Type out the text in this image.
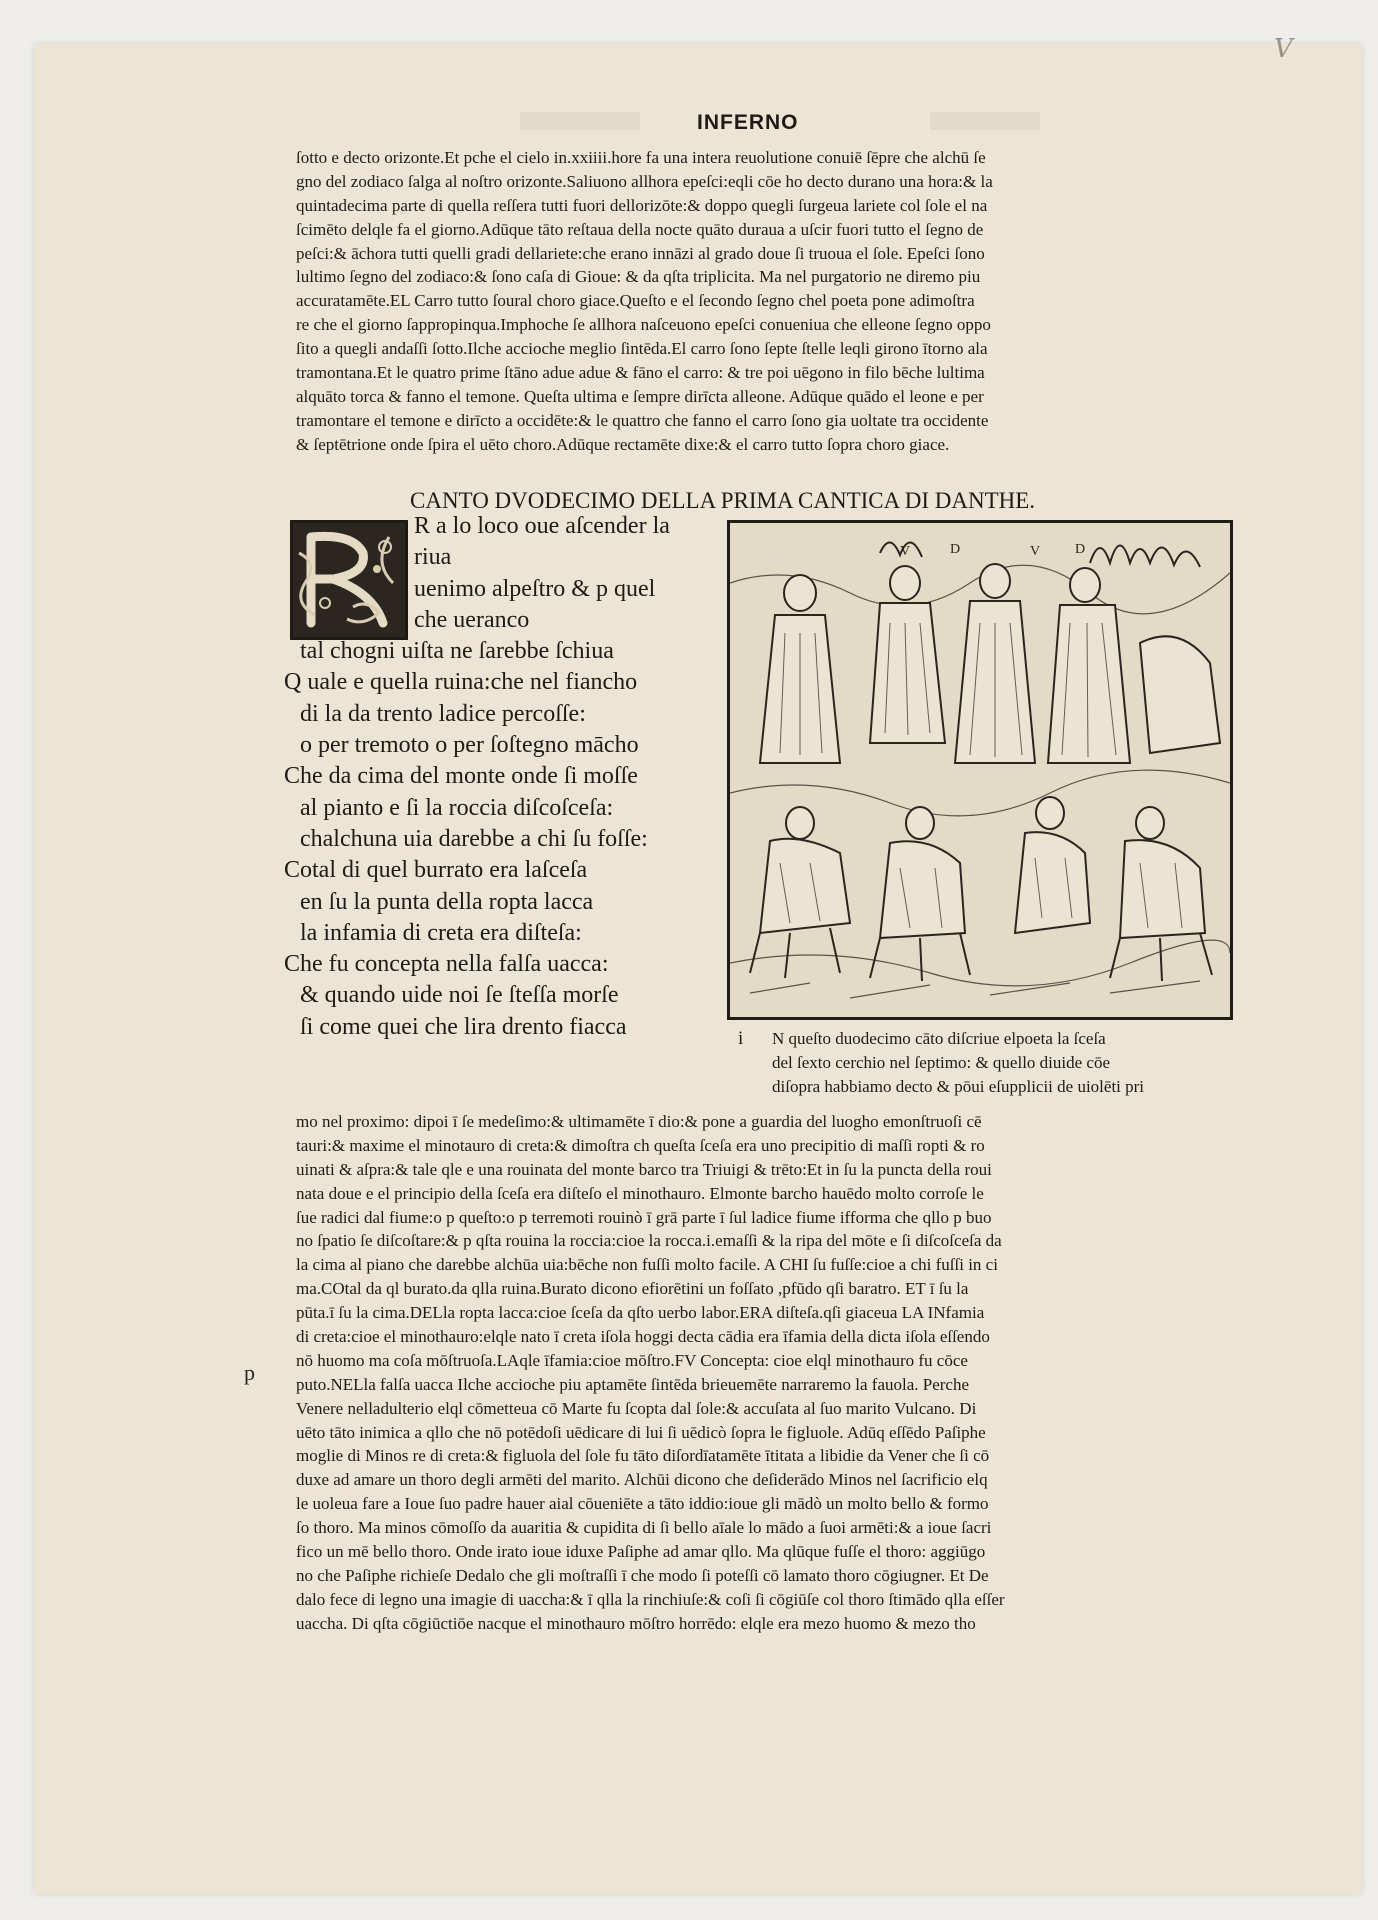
V
INFERNO
ſotto e decto orizonte.Et pche el cielo in.xxiiii.hore fa una intera reuolutione conuiē ſēpre che alchū ſe
gno del zodiaco ſalga al noſtro orizonte.Saliuono allhora epeſci:eqli cōe ho decto durano una hora:& la
quintadecima parte di quella reſſera tutti fuori dellorizōte:& doppo quegli ſurgeua lariete col ſole el na
ſcimēto delqle fa el giorno.Adūque tāto reſtaua della nocte quāto duraua a uſcir fuori tutto el ſegno de
peſci:& āchora tutti quelli gradi dellariete:che erano innāzi al grado doue ſi truoua el ſole. Epeſci ſono
lultimo ſegno del zodiaco:& ſono caſa di Gioue: & da qſta triplicita. Ma nel purgatorio ne diremo piu
accuratamēte.EL Carro tutto ſoural choro giace.Queſto e el ſecondo ſegno chel poeta pone adimoſtra
re che el giorno ſappropinqua.Imphoche ſe allhora naſceuono epeſci conueniua che elleone ſegno oppo
ſito a quegli andaſſi ſotto.Ilche accioche meglio ſintēda.El carro ſono ſepte ſtelle leqli girono ītorno ala
tramontana.Et le quatro prime ſtāno adue adue & fāno el carro: & tre poi uēgono in filo bēche lultima
alquāto torca & fanno el temone. Queſta ultima e ſempre dirīcta alleone. Adūque quādo el leone e per
tramontare el temone e dirīcto a occidēte:& le quattro che fanno el carro ſono gia uoltate tra occidente
& ſeptētrione onde ſpira el uēto choro.Adūque rectamēte dixe:& el carro tutto ſopra choro giace.
CANTO DVODECIMO DELLA PRIMA CANTICA DI DANTHE.
R a lo loco oue aſcender la
riua
uenimo alpeſtro & p quel
che ueranco
tal chogni uiſta ne ſarebbe ſchiua
Q uale e quella ruina:che nel fiancho
di la da trento ladice percoſſe:
o per tremoto o per ſoſtegno mācho
Che da cima del monte onde ſi moſſe
al pianto e ſi la roccia diſcoſceſa:
chalchuna uia darebbe a chi ſu foſſe:
Cotal di quel burrato era laſceſa
en ſu la punta della ropta lacca
la infamia di creta era diſteſa:
Che fu concepta nella falſa uacca:
& quando uide noi ſe ſteſſa morſe
ſi come quei che lira drento fiacca
V	D	V D
i N queſto duodecimo cāto diſcriue elpoeta la ſceſa
del ſexto cerchio nel ſeptimo: & quello diuide cōe
diſopra habbiamo decto & pōui eſupplicii de uiolēti pri
mo nel proximo: dipoi ī ſe medeſimo:& ultimamēte ī dio:& pone a guardia del luogho emonſtruoſi cē
tauri:& maxime el minotauro di creta:& dimoſtra ch queſta ſceſa era uno precipitio di maſſi ropti & ro
uinati & aſpra:& tale qle e una rouinata del monte barco tra Triuigi & trēto:Et in ſu la puncta della roui
nata doue e el principio della ſceſa era diſteſo el minothauro. Elmonte barcho hauēdo molto corroſe le
ſue radici dal fiume:o p queſto:o p terremoti rouinò ī grā parte ī ſul ladice fiume ifforma che qllo p buo
no ſpatio ſe diſcoſtare:& p qſta rouina la roccia:cioe la rocca.i.emaſſi & la ripa del mōte e ſi diſcoſceſa da
la cima al piano che darebbe alchūa uia:bēche non fuſſi molto facile. A CHI ſu fuſſe:cioe a chi fuſſi in ci
ma.COtal da ql burato.da qlla ruina.Burato dicono efiorētini un foſſato ,pfūdo qſi baratro. ET ī ſu la
pūta.ī ſu la cima.DELla ropta lacca:cioe ſceſa da qſto uerbo labor.ERA diſteſa.qſi giaceua LA INfamia
di creta:cioe el minothauro:elqle nato ī creta iſola hoggi decta cādia era īfamia della dicta iſola eſſendo
nō huomo ma coſa mōſtruoſa.LAqle īfamia:cioe mōſtro.FV Concepta: cioe elql minothauro fu cōce
puto.NELla falſa uacca Ilche accioche piu aptamēte ſintēda brieuemēte narraremo la fauola. Perche
Venere nelladulterio elql cōmetteua cō Marte fu ſcopta dal ſole:& accuſata al ſuo marito Vulcano. Di
uēto tāto inimica a qllo che nō potēdoſi uēdicare di lui ſi uēdicò ſopra le figluole. Adūq eſſēdo Paſiphe
moglie di Minos re di creta:& figluola del ſole fu tāto diſordīatamēte ītitata a libidie da Vener che ſi cō
duxe ad amare un thoro degli armēti del marito. Alchūi dicono che deſiderādo Minos nel ſacrificio elq
le uoleua fare a Ioue ſuo padre hauer aial cōueniēte a tāto iddio:ioue gli mādò un molto bello & formo
ſo thoro. Ma minos cōmoſſo da auaritia & cupidita di ſi bello aīale lo mādo a ſuoi armēti:& a ioue ſacri
fico un mē bello thoro. Onde irato ioue iduxe Paſiphe ad amar qllo. Ma qlūque fuſſe el thoro: aggiūgo
no che Paſiphe richieſe Dedalo che gli moſtraſſi ī che modo ſi poteſſi cō lamato thoro cōgiugner. Et De
dalo fece di legno una imagie di uaccha:& ī qlla la rinchiuſe:& coſi ſi cōgiūſe col thoro ſtimādo qlla eſſer
uaccha. Di qſta cōgiūctiōe nacque el minothauro mōſtro horrēdo: elqle era mezo huomo & mezo tho
p
